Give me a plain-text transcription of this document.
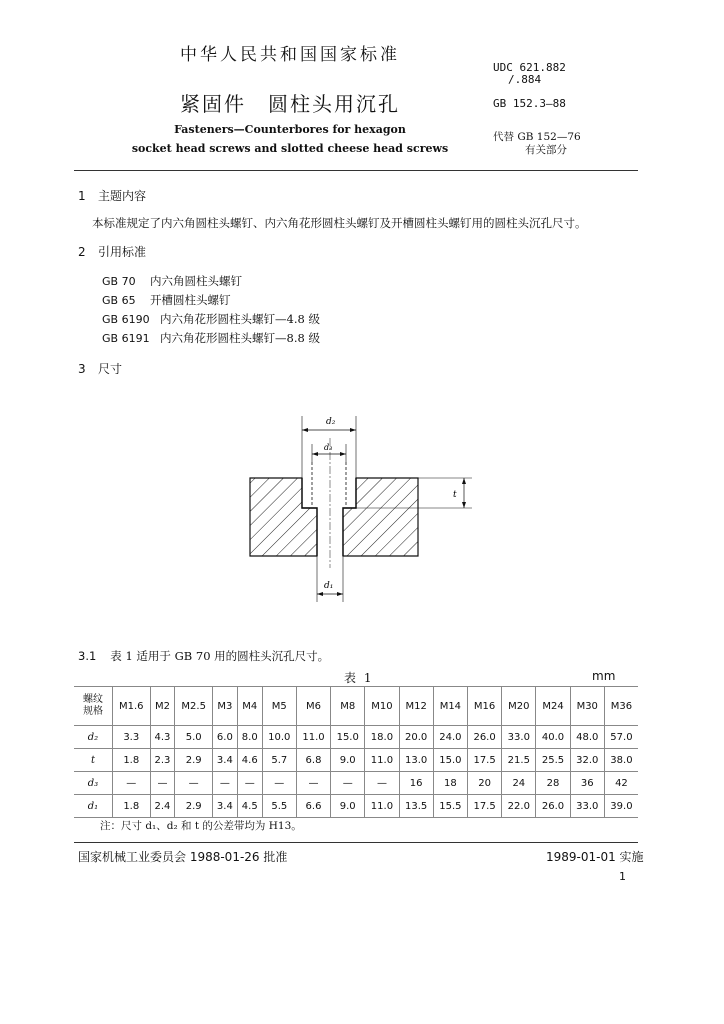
中华人民共和国国家标准
紧固件　圆柱头用沉孔
Fasteners—Counterbores for hexagon
socket head screws and slotted cheese head screws
UDC 621.882
/.884
GB 152.3—88
代替 GB 152—76
有关部分
1 主题内容
本标准规定了内六角圆柱头螺钉、内六角花形圆柱头螺钉及开槽圆柱头螺钉用的圆柱头沉孔尺寸。
2 引用标准
GB 70 内六角圆柱头螺钉
GB 65 开槽圆柱头螺钉
GB 6190 内六角花形圆柱头螺钉—4.8 级
GB 6191 内六角花形圆柱头螺钉—8.8 级
3 尺寸
d₂
d₃
t
d₁
3.1 表 1 适用于 GB 70 用的圆柱头沉孔尺寸。
表 1	mm
螺纹
规格	M1.6	M2	M2.5	M3	M4	M5	M6	M8	M10	M12	M14	M16	M20	M24	M30	M36
d₂	3.3	4.3	5.0	6.0	8.0	10.0	11.0	15.0	18.0	20.0	24.0	26.0	33.0	40.0	48.0	57.0
t	1.8	2.3	2.9	3.4	4.6	5.7	6.8	9.0	11.0	13.0	15.0	17.5	21.5	25.5	32.0	38.0
d₃	—	—	—	—	—	—	—	—	—	16	18	20	24	28	36	42
d₁	1.8	2.4	2.9	3.4	4.5	5.5	6.6	9.0	11.0	13.5	15.5	17.5	22.0	26.0	33.0	39.0
注：尺寸 d₁、d₂ 和 t 的公差带均为 H13。
国家机械工业委员会 1988-01-26 批准	1989-01-01 实施
1
